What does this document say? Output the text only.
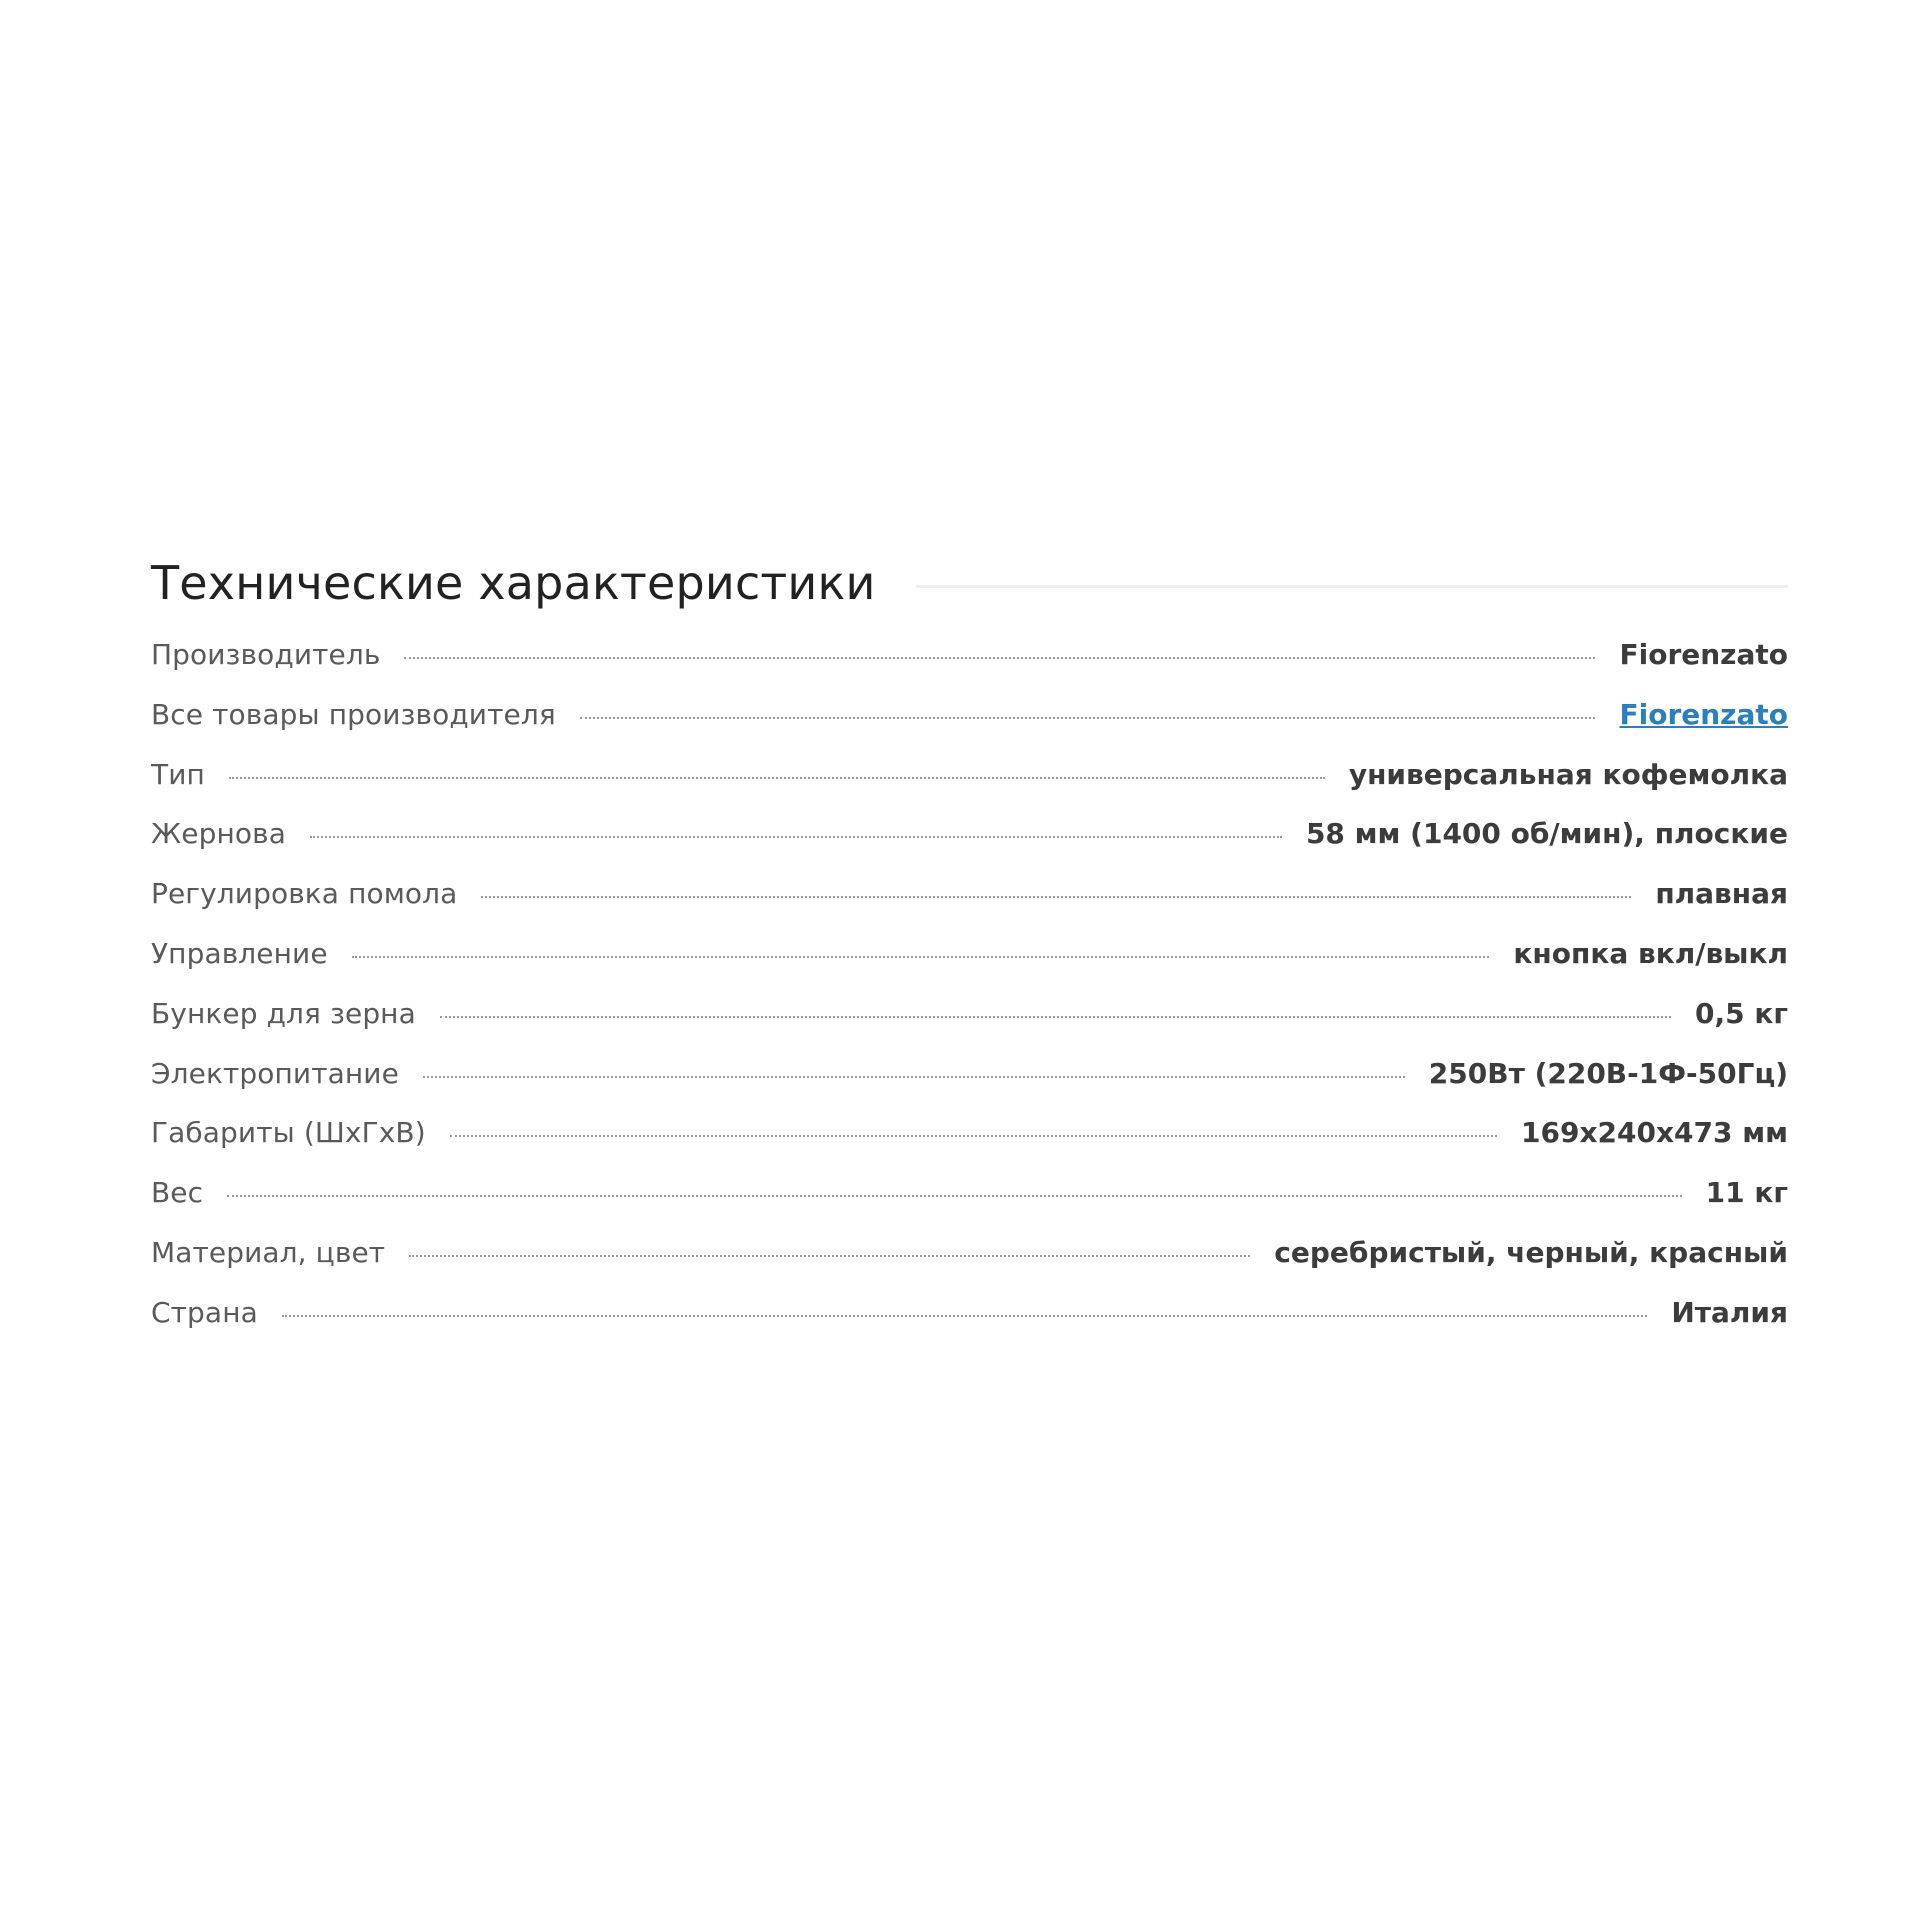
Технические характеристики
Производитель	Fiorenzato
Все товары производителя	Fiorenzato
Тип	универсальная кофемолка
Жернова	58 мм (1400 об/мин), плоские
Регулировка помола	плавная
Управление	кнопка вкл/выкл
Бункер для зерна	0,5 кг
Электропитание	250Вт (220В-1Ф-50Гц)
Габариты (ШхГхВ)	169x240x473 мм
Вес	11 кг
Материал, цвет	серебристый, черный, красный
Страна	Италия
